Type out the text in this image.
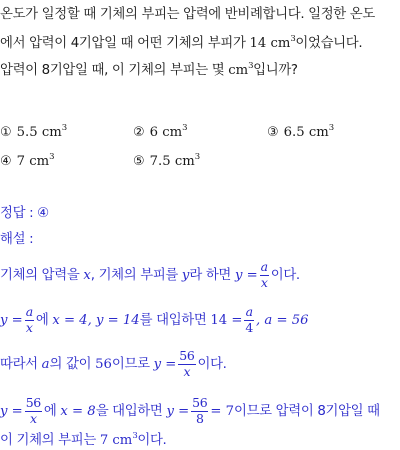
온도가 일정할 때 기체의 부피는 압력에 반비례합니다. 일정한 온도
에서 압력이 4기압일 때 어떤 기체의 부피가 14 $cm^3$이었습니다.
압력이 8기압일 때, 이 기체의 부피는 몇 $cm^3$입니까?
① 5.5 $cm^3$	② 6 $cm^3$	③ 6.5 $cm^3$
④ 7 $cm^3$	⑤ 7.5 $cm^3$
정답 : ④
해설 :
기체의 압력을 x, 기체의 부피를 y라 하면 $y = \frac{a}{x}$ 이다.
$y = \frac{a}{x}$ 에 x = 4, y = 14를 대입하면 $14 = \frac{a}{4}$ , a = 56
따라서 a의 값이 56이므로 $y = \frac{56}{x}$ 이다.
$y = \frac{56}{x}$ 에 x = 8을 대입하면 $y = \frac{56}{8} = 7$이므로 압력이 8기압일 때
이 기체의 부피는 7 $cm^3$이다.
